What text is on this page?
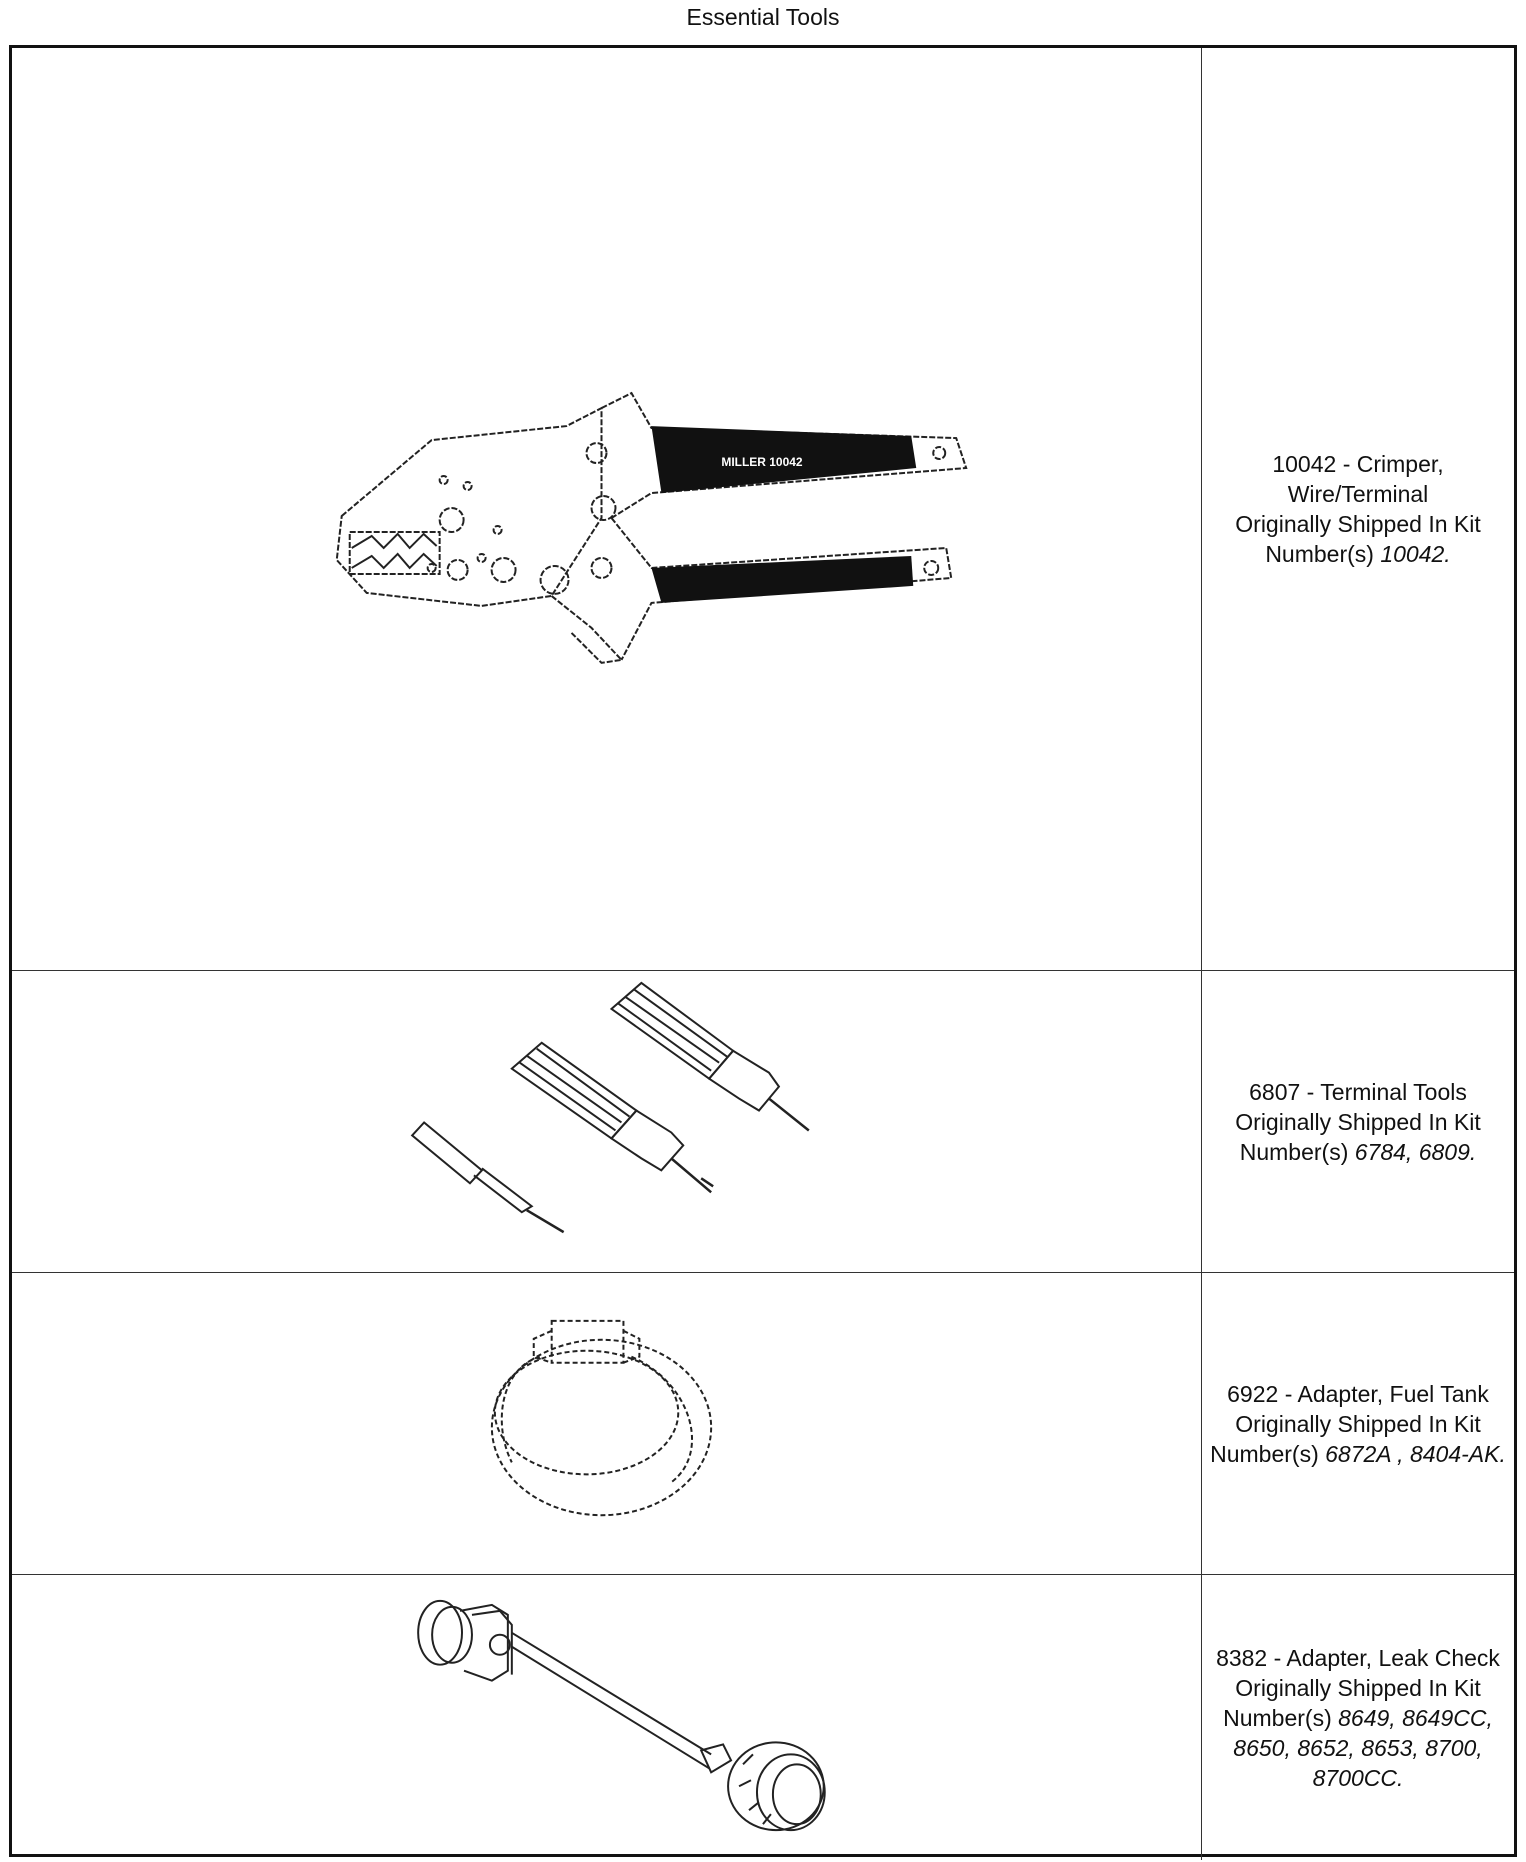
Essential Tools
MILLER 10042	10042 - Crimper, Wire/Terminal
Originally Shipped In Kit Number(s) 10042.
6807 - Terminal Tools
Originally Shipped In Kit Number(s) 6784, 6809.
6922 - Adapter, Fuel Tank
Originally Shipped In Kit Number(s) 6872A , 8404-AK.
8382 - Adapter, Leak Check
Originally Shipped In Kit Number(s) 8649, 8649CC, 8650, 8652, 8653, 8700, 8700CC.
